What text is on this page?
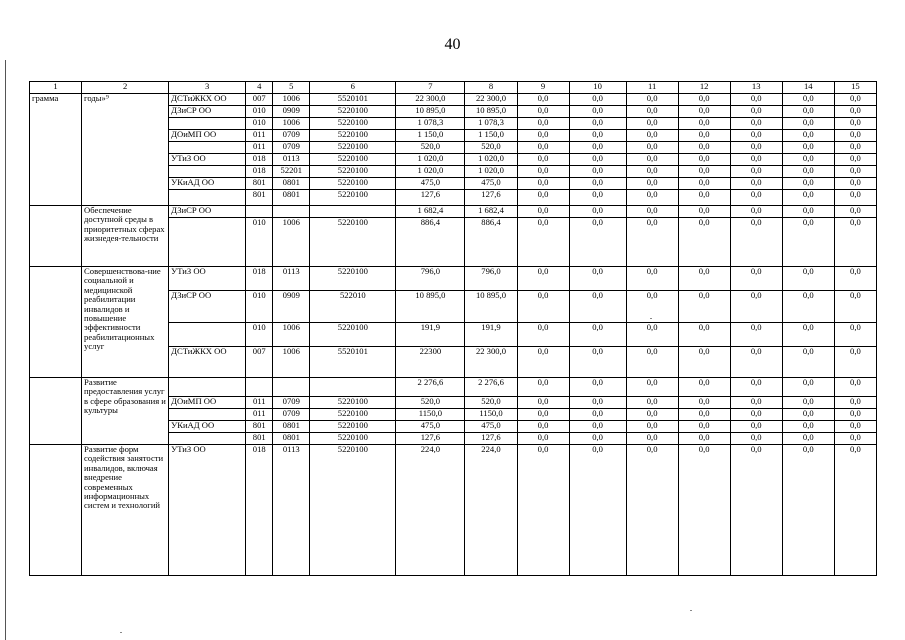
40
1	2	3	4	5	6	7	8	9	10	11	12	13	14	15
грамма	годы»⁹	ДСТиЖКХ ОО	007	1006	5520101	22 300,0	22 300,0	0,0	0,0	0,0	0,0	0,0	0,0	0,0
		ДЗиСР ОО	010	0909	5220100	10 895,0	10 895,0	0,0	0,0	0,0	0,0	0,0	0,0	0,0
			010	1006	5220100	1 078,3	1 078,3	0,0	0,0	0,0	0,0	0,0	0,0	0,0
		ДОиМП ОО	011	0709	5220100	1 150,0	1 150,0	0,0	0,0	0,0	0,0	0,0	0,0	0,0
			011	0709	5220100	520,0	520,0	0,0	0,0	0,0	0,0	0,0	0,0	0,0
		УТиЗ ОО	018	0113	5220100	1 020,0	1 020,0	0,0	0,0	0,0	0,0	0,0	0,0	0,0
			018	52201	5220100	1 020,0	1 020,0	0,0	0,0	0,0	0,0	0,0	0,0	0,0
		УКиАД ОО	801	0801	5220100	475,0	475,0	0,0	0,0	0,0	0,0	0,0	0,0	0,0
			801	0801	5220100	127,6	127,6	0,0	0,0	0,0	0,0	0,0	0,0	0,0
	Обеспечение доступной среды в приоритетных сферах жизнедея-тельности	ДЗиСР ОО				1 682,4	1 682,4	0,0	0,0	0,0	0,0	0,0	0,0	0,0
			010	1006	5220100	886,4	886,4	0,0	0,0	0,0	0,0	0,0	0,0	0,0
	Совершенствова-ние социальной и медицинской реабилитации инвалидов и повышение эффективности реабилитационных услуг	УТиЗ ОО	018	0113	5220100	796,0	796,0	0,0	0,0	0,0	0,0	0,0	0,0	0,0
		ДЗиСР ОО	010	0909	522010	10 895,0	10 895,0	0,0	0,0	0,0	0,0	0,0	0,0	0,0
			010	1006	5220100	191,9	191,9	0,0	0,0	0,0	0,0	0,0	0,0	0,0
		ДСТиЖКХ ОО	007	1006	5520101	22300	22 300,0	0,0	0,0	0,0	0,0	0,0	0,0	0,0
	Развитие предоставления услуг в сфере образования и культуры					2 276,6	2 276,6	0,0	0,0	0,0	0,0	0,0	0,0	0,0
		ДОиМП ОО	011	0709	5220100	520,0	520,0	0,0	0,0	0,0	0,0	0,0	0,0	0,0
			011	0709	5220100	1150,0	1150,0	0,0	0,0	0,0	0,0	0,0	0,0	0,0
		УКиАД ОО	801	0801	5220100	475,0	475,0	0,0	0,0	0,0	0,0	0,0	0,0	0,0
			801	0801	5220100	127,6	127,6	0,0	0,0	0,0	0,0	0,0	0,0	0,0
	Развитие форм содействия занятости инвалидов, включая внедрение современных информационных систем и технологий	УТиЗ ОО	018	0113	5220100	224,0	224,0	0,0	0,0	0,0	0,0	0,0	0,0	0,0
